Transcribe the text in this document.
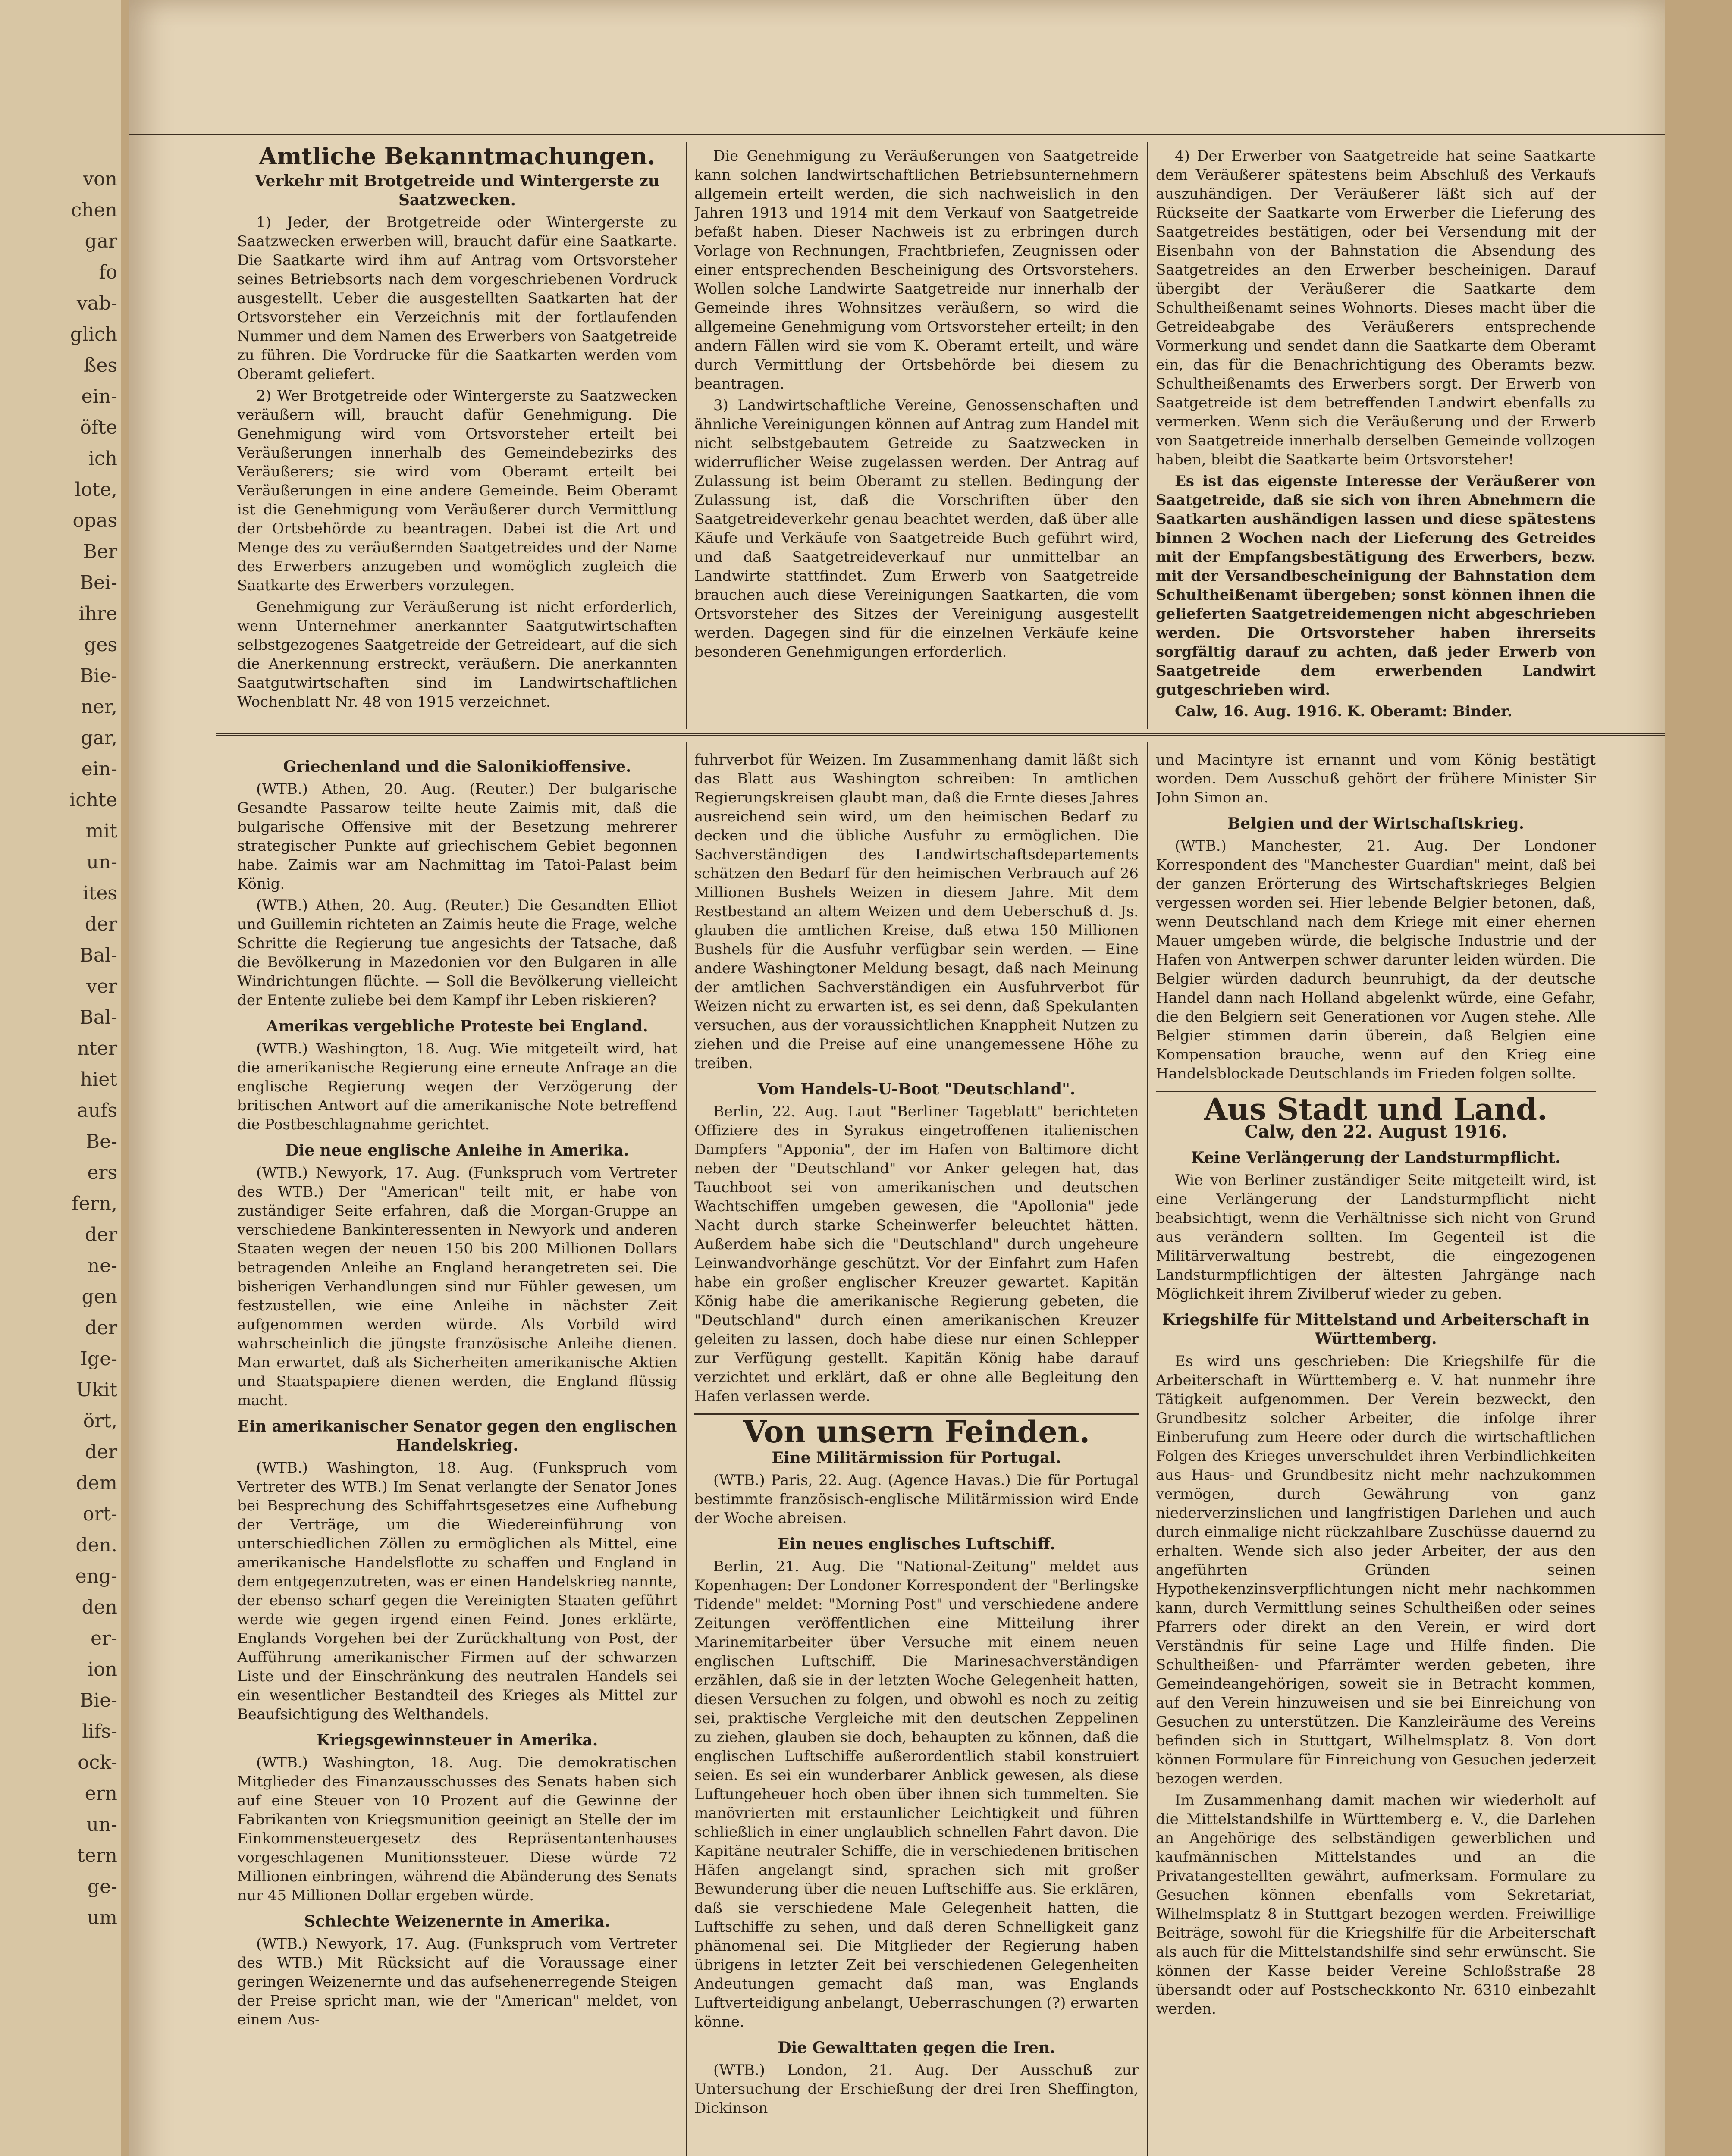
von
chen
gar
fo
vab-
glich
ßes
ein-
öfte
ich
lote,
opas
Ber
Bei-
ihre
ges
Bie-
ner,
gar,
ein-
ichte
mit
un-
ites
der
Bal-
ver
Bal-
nter
hiet
aufs
Be-
ers
fern,
der
ne-
gen
der
Ige-
Ukit
ört,
der
dem
ort-
den.
eng-
den
er-
ion
Bie-
lifs-
ock-
ern
un-
tern
ge-
um
Amtliche Bekanntmachungen.
Verkehr mit Brotgetreide und Wintergerste zu Saatzwecken.

1) Jeder, der Brotgetreide oder Wintergerste zu Saatzwecken erwerben will, braucht dafür eine Saatkarte. Die Saatkarte wird ihm auf Antrag vom Ortsvorsteher seines Betriebsorts nach dem vorgeschriebenen Vordruck ausgestellt. Ueber die ausgestellten Saatkarten hat der Ortsvorsteher ein Verzeichnis mit der fortlaufenden Nummer und dem Namen des Erwerbers von Saatgetreide zu führen. Die Vordrucke für die Saatkarten werden vom Oberamt geliefert.

2) Wer Brotgetreide oder Wintergerste zu Saatzwecken veräußern will, braucht dafür Genehmigung. Die Genehmigung wird vom Ortsvorsteher erteilt bei Veräußerungen innerhalb des Gemeindebezirks des Veräußerers; sie wird vom Oberamt erteilt bei Veräußerungen in eine andere Gemeinde. Beim Oberamt ist die Genehmigung vom Veräußerer durch Vermittlung der Ortsbehörde zu beantragen. Dabei ist die Art und Menge des zu veräußernden Saatgetreides und der Name des Erwerbers anzugeben und womöglich zugleich die Saatkarte des Erwerbers vorzulegen.

Genehmigung zur Veräußerung ist nicht erforderlich, wenn Unternehmer anerkannter Saatgutwirtschaften selbstgezogenes Saatgetreide der Getreideart, auf die sich die Anerkennung erstreckt, veräußern. Die anerkannten Saatgutwirtschaften sind im Landwirtschaftlichen Wochenblatt Nr. 48 von 1915 verzeichnet.

Die Genehmigung zu Veräußerungen von Saatgetreide kann solchen landwirtschaftlichen Betriebsunternehmern allgemein erteilt werden, die sich nachweislich in den Jahren 1913 und 1914 mit dem Verkauf von Saatgetreide befaßt haben. Dieser Nachweis ist zu erbringen durch Vorlage von Rechnungen, Frachtbriefen, Zeugnissen oder einer entsprechenden Bescheinigung des Ortsvorstehers. Wollen solche Landwirte Saatgetreide nur innerhalb der Gemeinde ihres Wohnsitzes veräußern, so wird die allgemeine Genehmigung vom Ortsvorsteher erteilt; in den andern Fällen wird sie vom K. Oberamt erteilt, und wäre durch Vermittlung der Ortsbehörde bei diesem zu beantragen.

3) Landwirtschaftliche Vereine, Genossenschaften und ähnliche Vereinigungen können auf Antrag zum Handel mit nicht selbstgebautem Getreide zu Saatzwecken in widerruflicher Weise zugelassen werden. Der Antrag auf Zulassung ist beim Oberamt zu stellen. Bedingung der Zulassung ist, daß die Vorschriften über den Saatgetreideverkehr genau beachtet werden, daß über alle Käufe und Verkäufe von Saatgetreide Buch geführt wird, und daß Saatgetreideverkauf nur unmittelbar an Landwirte stattfindet. Zum Erwerb von Saatgetreide brauchen auch diese Vereinigungen Saatkarten, die vom Ortsvorsteher des Sitzes der Vereinigung ausgestellt werden. Dagegen sind für die einzelnen Verkäufe keine besonderen Genehmigungen erforderlich.

4) Der Erwerber von Saatgetreide hat seine Saatkarte dem Veräußerer spätestens beim Abschluß des Verkaufs auszuhändigen. Der Veräußerer läßt sich auf der Rückseite der Saatkarte vom Erwerber die Lieferung des Saatgetreides bestätigen, oder bei Versendung mit der Eisenbahn von der Bahnstation die Absendung des Saatgetreides an den Erwerber bescheinigen. Darauf übergibt der Veräußerer die Saatkarte dem Schultheißenamt seines Wohnorts. Dieses macht über die Getreideabgabe des Veräußerers entsprechende Vormerkung und sendet dann die Saatkarte dem Oberamt ein, das für die Benachrichtigung des Oberamts bezw. Schultheißenamts des Erwerbers sorgt. Der Erwerb von Saatgetreide ist dem betreffenden Landwirt ebenfalls zu vermerken. Wenn sich die Veräußerung und der Erwerb von Saatgetreide innerhalb derselben Gemeinde vollzogen haben, bleibt die Saatkarte beim Ortsvorsteher!

Es ist das eigenste Interesse der Veräußerer von Saatgetreide, daß sie sich von ihren Abnehmern die Saatkarten aushändigen lassen und diese spätestens binnen 2 Wochen nach der Lieferung des Getreides mit der Empfangsbestätigung des Erwerbers, bezw. mit der Versandbescheinigung der Bahnstation dem Schultheißenamt übergeben; sonst können ihnen die gelieferten Saatgetreidemengen nicht abgeschrieben werden. Die Ortsvorsteher haben ihrerseits sorgfältig darauf zu achten, daß jeder Erwerb von Saatgetreide dem erwerbenden Landwirt gutgeschrieben wird.

Calw, 16. Aug. 1916. K. Oberamt: Binder.

Griechenland und die Salonikioffensive.

(WTB.) Athen, 20. Aug. (Reuter.) Der bulgarische Gesandte Passarow teilte heute Zaimis mit, daß die bulgarische Offensive mit der Besetzung mehrerer strategischer Punkte auf griechischem Gebiet begonnen habe. Zaimis war am Nachmittag im Tatoi-Palast beim König.

(WTB.) Athen, 20. Aug. (Reuter.) Die Gesandten Elliot und Guillemin richteten an Zaimis heute die Frage, welche Schritte die Regierung tue angesichts der Tatsache, daß die Bevölkerung in Mazedonien vor den Bulgaren in alle Windrichtungen flüchte. — Soll die Bevölkerung vielleicht der Entente zuliebe bei dem Kampf ihr Leben riskieren?

Amerikas vergebliche Proteste bei England.

(WTB.) Washington, 18. Aug. Wie mitgeteilt wird, hat die amerikanische Regierung eine erneute Anfrage an die englische Regierung wegen der Verzögerung der britischen Antwort auf die amerikanische Note betreffend die Postbeschlagnahme gerichtet.

Die neue englische Anleihe in Amerika.

(WTB.) Newyork, 17. Aug. (Funkspruch vom Vertreter des WTB.) Der "American" teilt mit, er habe von zuständiger Seite erfahren, daß die Morgan-Gruppe an verschiedene Bankinteressenten in Newyork und anderen Staaten wegen der neuen 150 bis 200 Millionen Dollars betragenden Anleihe an England herangetreten sei. Die bisherigen Verhandlungen sind nur Fühler gewesen, um festzustellen, wie eine Anleihe in nächster Zeit aufgenommen werden würde. Als Vorbild wird wahrscheinlich die jüngste französische Anleihe dienen. Man erwartet, daß als Sicherheiten amerikanische Aktien und Staatspapiere dienen werden, die England flüssig macht.

Ein amerikanischer Senator gegen den englischen Handelskrieg.

(WTB.) Washington, 18. Aug. (Funkspruch vom Vertreter des WTB.) Im Senat verlangte der Senator Jones bei Besprechung des Schiffahrtsgesetzes eine Aufhebung der Verträge, um die Wiedereinführung von unterschiedlichen Zöllen zu ermöglichen als Mittel, eine amerikanische Handelsflotte zu schaffen und England in dem entgegenzutreten, was er einen Handelskrieg nannte, der ebenso scharf gegen die Vereinigten Staaten geführt werde wie gegen irgend einen Feind. Jones erklärte, Englands Vorgehen bei der Zurückhaltung von Post, der Aufführung amerikanischer Firmen auf der schwarzen Liste und der Einschränkung des neutralen Handels sei ein wesentlicher Bestandteil des Krieges als Mittel zur Beaufsichtigung des Welthandels.

Kriegsgewinnsteuer in Amerika.

(WTB.) Washington, 18. Aug. Die demokratischen Mitglieder des Finanzausschusses des Senats haben sich auf eine Steuer von 10 Prozent auf die Gewinne der Fabrikanten von Kriegsmunition geeinigt an Stelle der im Einkommensteuergesetz des Repräsentantenhauses vorgeschlagenen Munitionssteuer. Diese würde 72 Millionen einbringen, während die Abänderung des Senats nur 45 Millionen Dollar ergeben würde.

Schlechte Weizenernte in Amerika.

(WTB.) Newyork, 17. Aug. (Funkspruch vom Vertreter des WTB.) Mit Rücksicht auf die Voraussage einer geringen Weizenernte und das aufsehenerregende Steigen der Preise spricht man, wie der "American" meldet, von einem Aus-

fuhrverbot für Weizen. Im Zusammenhang damit läßt sich das Blatt aus Washington schreiben: In amtlichen Regierungskreisen glaubt man, daß die Ernte dieses Jahres ausreichend sein wird, um den heimischen Bedarf zu decken und die übliche Ausfuhr zu ermöglichen. Die Sachverständigen des Landwirtschaftsdepartements schätzen den Bedarf für den heimischen Verbrauch auf 26 Millionen Bushels Weizen in diesem Jahre. Mit dem Restbestand an altem Weizen und dem Ueberschuß d. Js. glauben die amtlichen Kreise, daß etwa 150 Millionen Bushels für die Ausfuhr verfügbar sein werden. — Eine andere Washingtoner Meldung besagt, daß nach Meinung der amtlichen Sachverständigen ein Ausfuhrverbot für Weizen nicht zu erwarten ist, es sei denn, daß Spekulanten versuchen, aus der voraussichtlichen Knappheit Nutzen zu ziehen und die Preise auf eine unangemessene Höhe zu treiben.

Vom Handels-U-Boot "Deutschland".

Berlin, 22. Aug. Laut "Berliner Tageblatt" berichteten Offiziere des in Syrakus eingetroffenen italienischen Dampfers "Apponia", der im Hafen von Baltimore dicht neben der "Deutschland" vor Anker gelegen hat, das Tauchboot sei von amerikanischen und deutschen Wachtschiffen umgeben gewesen, die "Apollonia" jede Nacht durch starke Scheinwerfer beleuchtet hätten. Außerdem habe sich die "Deutschland" durch ungeheure Leinwandvorhänge geschützt. Vor der Einfahrt zum Hafen habe ein großer englischer Kreuzer gewartet. Kapitän König habe die amerikanische Regierung gebeten, die "Deutschland" durch einen amerikanischen Kreuzer geleiten zu lassen, doch habe diese nur einen Schlepper zur Verfügung gestellt. Kapitän König habe darauf verzichtet und erklärt, daß er ohne alle Begleitung den Hafen verlassen werde.

Von unsern Feinden.
Eine Militärmission für Portugal.

(WTB.) Paris, 22. Aug. (Agence Havas.) Die für Portugal bestimmte französisch-englische Militärmission wird Ende der Woche abreisen.

Ein neues englisches Luftschiff.

Berlin, 21. Aug. Die "National-Zeitung" meldet aus Kopenhagen: Der Londoner Korrespondent der "Berlingske Tidende" meldet: "Morning Post" und verschiedene andere Zeitungen veröffentlichen eine Mitteilung ihrer Marinemitarbeiter über Versuche mit einem neuen englischen Luftschiff. Die Marinesachverständigen erzählen, daß sie in der letzten Woche Gelegenheit hatten, diesen Versuchen zu folgen, und obwohl es noch zu zeitig sei, praktische Vergleiche mit den deutschen Zeppelinen zu ziehen, glauben sie doch, behaupten zu können, daß die englischen Luftschiffe außerordentlich stabil konstruiert seien. Es sei ein wunderbarer Anblick gewesen, als diese Luftungeheuer hoch oben über ihnen sich tummelten. Sie manövrierten mit erstaunlicher Leichtigkeit und führen schließlich in einer unglaublich schnellen Fahrt davon. Die Kapitäne neutraler Schiffe, die in verschiedenen britischen Häfen angelangt sind, sprachen sich mit großer Bewunderung über die neuen Luftschiffe aus. Sie erklären, daß sie verschiedene Male Gelegenheit hatten, die Luftschiffe zu sehen, und daß deren Schnelligkeit ganz phänomenal sei. Die Mitglieder der Regierung haben übrigens in letzter Zeit bei verschiedenen Gelegenheiten Andeutungen gemacht daß man, was Englands Luftverteidigung anbelangt, Ueberraschungen (?) erwarten könne.

Die Gewalttaten gegen die Iren.

(WTB.) London, 21. Aug. Der Ausschuß zur Untersuchung der Erschießung der drei Iren Sheffington, Dickinson

und Macintyre ist ernannt und vom König bestätigt worden. Dem Ausschuß gehört der frühere Minister Sir John Simon an.

Belgien und der Wirtschaftskrieg.

(WTB.) Manchester, 21. Aug. Der Londoner Korrespondent des "Manchester Guardian" meint, daß bei der ganzen Erörterung des Wirtschaftskrieges Belgien vergessen worden sei. Hier lebende Belgier betonen, daß, wenn Deutschland nach dem Kriege mit einer ehernen Mauer umgeben würde, die belgische Industrie und der Hafen von Antwerpen schwer darunter leiden würden. Die Belgier würden dadurch beunruhigt, da der deutsche Handel dann nach Holland abgelenkt würde, eine Gefahr, die den Belgiern seit Generationen vor Augen stehe. Alle Belgier stimmen darin überein, daß Belgien eine Kompensation brauche, wenn auf den Krieg eine Handelsblockade Deutschlands im Frieden folgen sollte.

Aus Stadt und Land.
Calw, den 22. August 1916.
Keine Verlängerung der Landsturmpflicht.

Wie von Berliner zuständiger Seite mitgeteilt wird, ist eine Verlängerung der Landsturmpflicht nicht beabsichtigt, wenn die Verhältnisse sich nicht von Grund aus verändern sollten. Im Gegenteil ist die Militärverwaltung bestrebt, die eingezogenen Landsturmpflichtigen der ältesten Jahrgänge nach Möglichkeit ihrem Zivilberuf wieder zu geben.

Kriegshilfe für Mittelstand und Arbeiterschaft in Württemberg.

Es wird uns geschrieben: Die Kriegshilfe für die Arbeiterschaft in Württemberg e. V. hat nunmehr ihre Tätigkeit aufgenommen. Der Verein bezweckt, den Grundbesitz solcher Arbeiter, die infolge ihrer Einberufung zum Heere oder durch die wirtschaftlichen Folgen des Krieges unverschuldet ihren Verbindlichkeiten aus Haus- und Grundbesitz nicht mehr nachzukommen vermögen, durch Gewährung von ganz niederverzinslichen und langfristigen Darlehen und auch durch einmalige nicht rückzahlbare Zuschüsse dauernd zu erhalten. Wende sich also jeder Arbeiter, der aus den angeführten Gründen seinen Hypothekenzinsverpflichtungen nicht mehr nachkommen kann, durch Vermittlung seines Schultheißen oder seines Pfarrers oder direkt an den Verein, er wird dort Verständnis für seine Lage und Hilfe finden. Die Schultheißen- und Pfarrämter werden gebeten, ihre Gemeindeangehörigen, soweit sie in Betracht kommen, auf den Verein hinzuweisen und sie bei Einreichung von Gesuchen zu unterstützen. Die Kanzleiräume des Vereins befinden sich in Stuttgart, Wilhelmsplatz 8. Von dort können Formulare für Einreichung von Gesuchen jederzeit bezogen werden.

Im Zusammenhang damit machen wir wiederholt auf die Mittelstandshilfe in Württemberg e. V., die Darlehen an Angehörige des selbständigen gewerblichen und kaufmännischen Mittelstandes und an die Privatangestellten gewährt, aufmerksam. Formulare zu Gesuchen können ebenfalls vom Sekretariat, Wilhelmsplatz 8 in Stuttgart bezogen werden. Freiwillige Beiträge, sowohl für die Kriegshilfe für die Arbeiterschaft als auch für die Mittelstandshilfe sind sehr erwünscht. Sie können der Kasse beider Vereine Schloßstraße 28 übersandt oder auf Postscheckkonto Nr. 6310 einbezahlt werden.
